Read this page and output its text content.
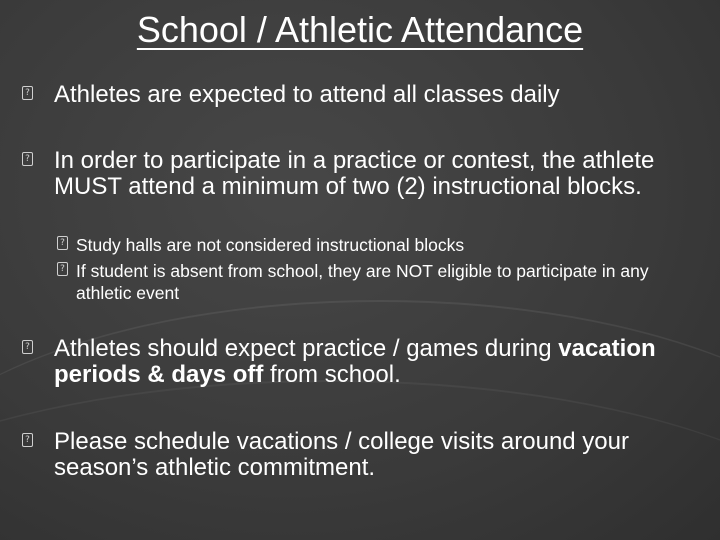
School / Athletic Attendance
?
Athletes are expected to attend all classes daily
?
In order to participate in a practice or contest, the athlete MUST attend a minimum of two (2) instructional blocks.
?
Study halls are not considered instructional blocks
?
If student is absent from school, they are NOT eligible to participate in any athletic event
?
Athletes should expect practice / games during vacation periods & days off from school.
?
Please schedule vacations / college visits around your season’s athletic commitment.
